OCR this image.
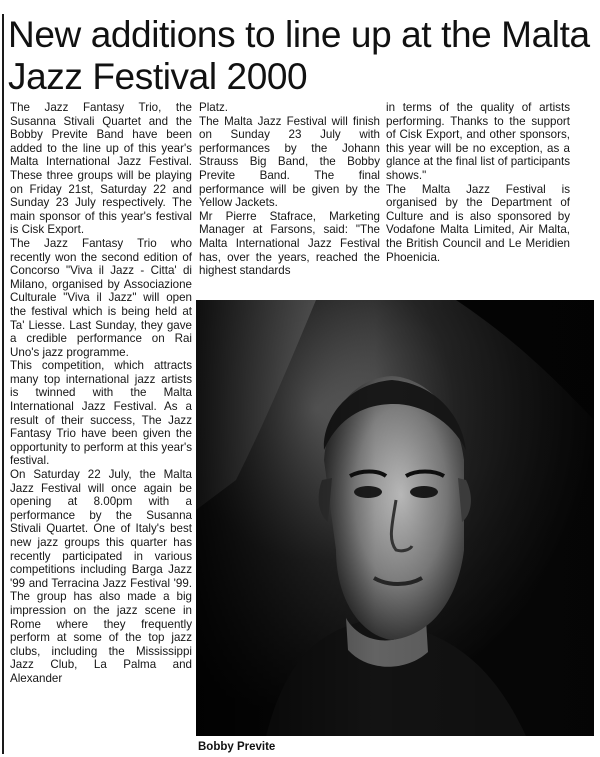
New additions to line up at the Malta Jazz Festival 2000

The Jazz Fantasy Trio, the Susanna Stivali Quartet and the Bobby Previte Band have been added to the line up of this year's Malta International Jazz Festival. These three groups will be playing on Friday 21st, Saturday 22 and Sunday 23 July respectively. The main sponsor of this year's festival is Cisk Export.

The Jazz Fantasy Trio who recently won the second edition of Concorso "Viva il Jazz - Citta' di Milano, organised by Associazione Culturale "Viva il Jazz" will open the festival which is being held at Ta' Liesse. Last Sunday, they gave a credible performance on Rai Uno's jazz programme.

This competition, which attracts many top international jazz artists is twinned with the Malta International Jazz Festival. As a result of their success, The Jazz Fantasy Trio have been given the opportunity to perform at this year's festival.

On Saturday 22 July, the Malta Jazz Festival will once again be opening at 8.00pm with a performance by the Susanna Stivali Quartet. One of Italy's best new jazz groups this quarter has recently participated in various competitions including Barga Jazz '99 and Terracina Jazz Festival '99. The group has also made a big impression on the jazz scene in Rome where they frequently perform at some of the top jazz clubs, including the Mississippi Jazz Club, La Palma and Alexander

Platz.

The Malta Jazz Festival will finish on Sunday 23 July with performances by the Johann Strauss Big Band, the Bobby Previte Band. The final performance will be given by the Yellow Jackets.

Mr Pierre Stafrace, Marketing Manager at Farsons, said: "The Malta International Jazz Festival has, over the years, reached the highest standards

in terms of the quality of artists performing. Thanks to the support of Cisk Export, and other sponsors, this year will be no exception, as a glance at the final list of participants shows."

The Malta Jazz Festival is organised by the Department of Culture and is also sponsored by Vodafone Malta Limited, Air Malta, the British Council and Le Meridien Phoenicia.

Bobby Previte
